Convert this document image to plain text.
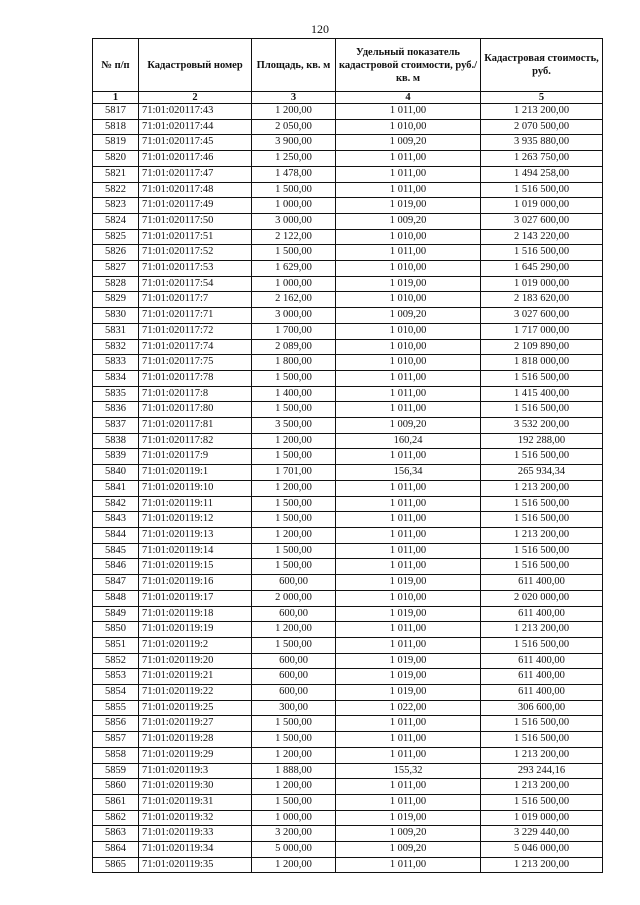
120
№ п/п	Кадастровый номер	Площадь, кв. м	Удельный показатель кадастровой стоимости, руб./кв. м	Кадастровая стоимость, руб.
1	2	3	4	5
5817	71:01:020117:43	1 200,00	1 011,00	1 213 200,00
5818	71:01:020117:44	2 050,00	1 010,00	2 070 500,00
5819	71:01:020117:45	3 900,00	1 009,20	3 935 880,00
5820	71:01:020117:46	1 250,00	1 011,00	1 263 750,00
5821	71:01:020117:47	1 478,00	1 011,00	1 494 258,00
5822	71:01:020117:48	1 500,00	1 011,00	1 516 500,00
5823	71:01:020117:49	1 000,00	1 019,00	1 019 000,00
5824	71:01:020117:50	3 000,00	1 009,20	3 027 600,00
5825	71:01:020117:51	2 122,00	1 010,00	2 143 220,00
5826	71:01:020117:52	1 500,00	1 011,00	1 516 500,00
5827	71:01:020117:53	1 629,00	1 010,00	1 645 290,00
5828	71:01:020117:54	1 000,00	1 019,00	1 019 000,00
5829	71:01:020117:7	2 162,00	1 010,00	2 183 620,00
5830	71:01:020117:71	3 000,00	1 009,20	3 027 600,00
5831	71:01:020117:72	1 700,00	1 010,00	1 717 000,00
5832	71:01:020117:74	2 089,00	1 010,00	2 109 890,00
5833	71:01:020117:75	1 800,00	1 010,00	1 818 000,00
5834	71:01:020117:78	1 500,00	1 011,00	1 516 500,00
5835	71:01:020117:8	1 400,00	1 011,00	1 415 400,00
5836	71:01:020117:80	1 500,00	1 011,00	1 516 500,00
5837	71:01:020117:81	3 500,00	1 009,20	3 532 200,00
5838	71:01:020117:82	1 200,00	160,24	192 288,00
5839	71:01:020117:9	1 500,00	1 011,00	1 516 500,00
5840	71:01:020119:1	1 701,00	156,34	265 934,34
5841	71:01:020119:10	1 200,00	1 011,00	1 213 200,00
5842	71:01:020119:11	1 500,00	1 011,00	1 516 500,00
5843	71:01:020119:12	1 500,00	1 011,00	1 516 500,00
5844	71:01:020119:13	1 200,00	1 011,00	1 213 200,00
5845	71:01:020119:14	1 500,00	1 011,00	1 516 500,00
5846	71:01:020119:15	1 500,00	1 011,00	1 516 500,00
5847	71:01:020119:16	600,00	1 019,00	611 400,00
5848	71:01:020119:17	2 000,00	1 010,00	2 020 000,00
5849	71:01:020119:18	600,00	1 019,00	611 400,00
5850	71:01:020119:19	1 200,00	1 011,00	1 213 200,00
5851	71:01:020119:2	1 500,00	1 011,00	1 516 500,00
5852	71:01:020119:20	600,00	1 019,00	611 400,00
5853	71:01:020119:21	600,00	1 019,00	611 400,00
5854	71:01:020119:22	600,00	1 019,00	611 400,00
5855	71:01:020119:25	300,00	1 022,00	306 600,00
5856	71:01:020119:27	1 500,00	1 011,00	1 516 500,00
5857	71:01:020119:28	1 500,00	1 011,00	1 516 500,00
5858	71:01:020119:29	1 200,00	1 011,00	1 213 200,00
5859	71:01:020119:3	1 888,00	155,32	293 244,16
5860	71:01:020119:30	1 200,00	1 011,00	1 213 200,00
5861	71:01:020119:31	1 500,00	1 011,00	1 516 500,00
5862	71:01:020119:32	1 000,00	1 019,00	1 019 000,00
5863	71:01:020119:33	3 200,00	1 009,20	3 229 440,00
5864	71:01:020119:34	5 000,00	1 009,20	5 046 000,00
5865	71:01:020119:35	1 200,00	1 011,00	1 213 200,00
